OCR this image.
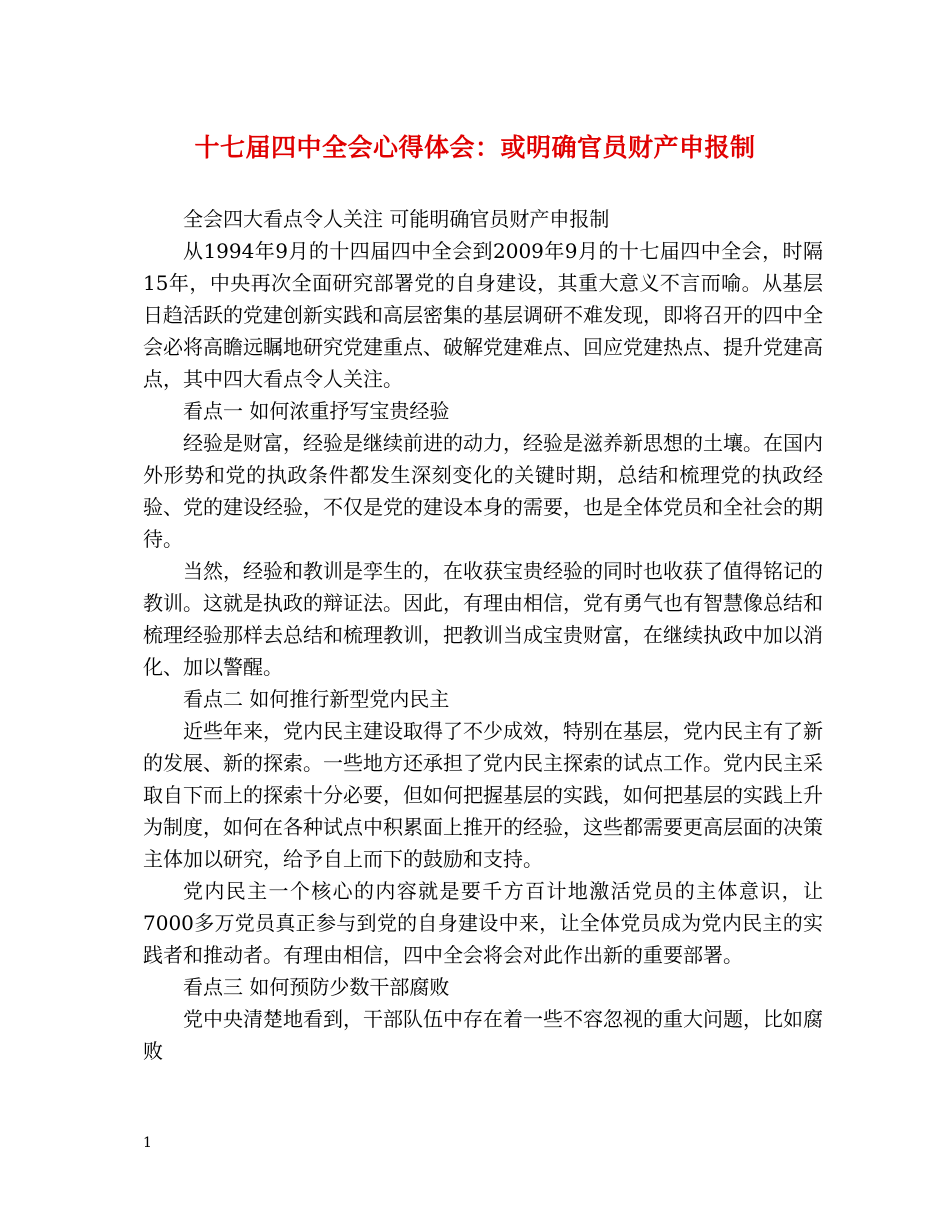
十七届四中全会心得体会：或明确官员财产申报制

全会四大看点令人关注 可能明确官员财产申报制

从1994年9月的十四届四中全会到2009年9月的十七届四中全会，时隔15年，中央再次全面研究部署党的自身建设，其重大意义不言而喻。从基层日趋活跃的党建创新实践和高层密集的基层调研不难发现，即将召开的四中全会必将高瞻远瞩地研究党建重点、破解党建难点、回应党建热点、提升党建高点，其中四大看点令人关注。

看点一 如何浓重抒写宝贵经验

经验是财富，经验是继续前进的动力，经验是滋养新思想的土壤。在国内外形势和党的执政条件都发生深刻变化的关键时期，总结和梳理党的执政经验、党的建设经验，不仅是党的建设本身的需要，也是全体党员和全社会的期待。

当然，经验和教训是孪生的，在收获宝贵经验的同时也收获了值得铭记的教训。这就是执政的辩证法。因此，有理由相信，党有勇气也有智慧像总结和梳理经验那样去总结和梳理教训，把教训当成宝贵财富，在继续执政中加以消化、加以警醒。

看点二 如何推行新型党内民主

近些年来，党内民主建设取得了不少成效，特别在基层，党内民主有了新的发展、新的探索。一些地方还承担了党内民主探索的试点工作。党内民主采取自下而上的探索十分必要，但如何把握基层的实践，如何把基层的实践上升为制度，如何在各种试点中积累面上推开的经验，这些都需要更高层面的决策主体加以研究，给予自上而下的鼓励和支持。

党内民主一个核心的内容就是要千方百计地激活党员的主体意识，让7000多万党员真正参与到党的自身建设中来，让全体党员成为党内民主的实践者和推动者。有理由相信，四中全会将会对此作出新的重要部署。

看点三 如何预防少数干部腐败

党中央清楚地看到，干部队伍中存在着一些不容忽视的重大问题，比如腐败

1
